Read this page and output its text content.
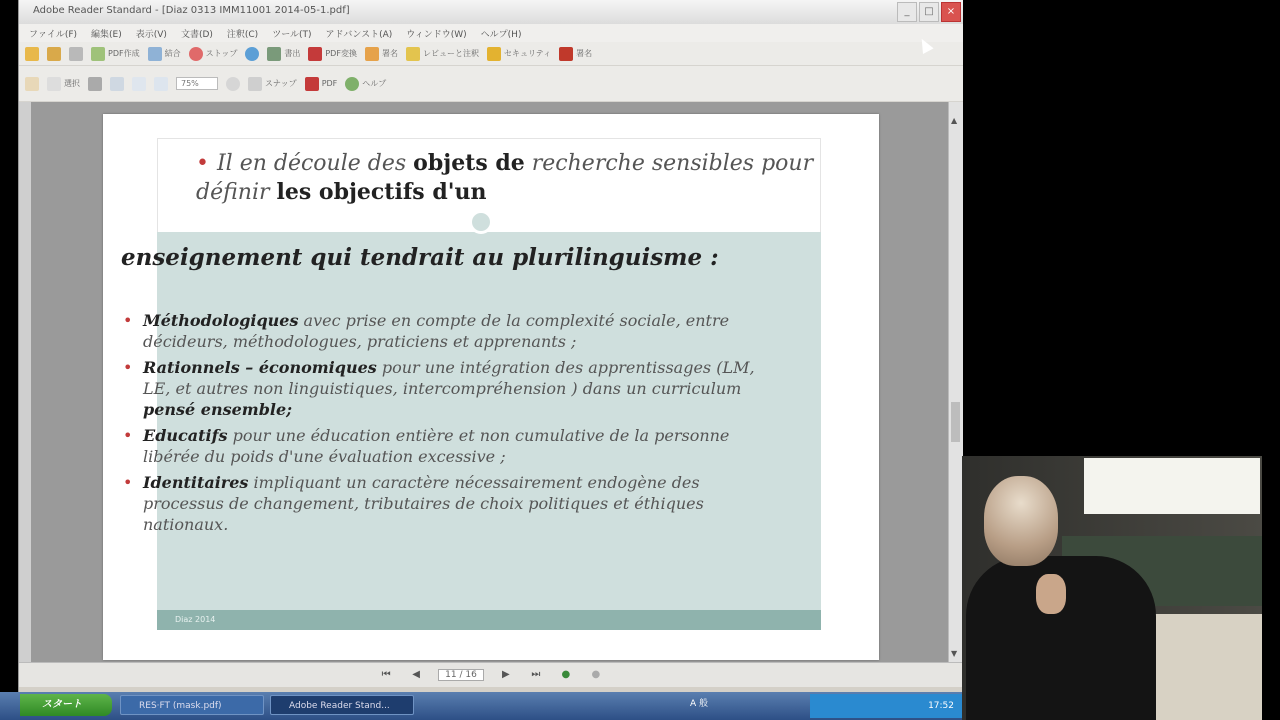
Adobe Reader Standard - [Diaz 0313 IMM11001 2014-05-1.pdf]	_	□	×
ファイル(F) 編集(E) 表示(V) 文書(D) 注釈(C) ツール(T) アドバンスト(A) ウィンドウ(W) ヘルプ(H)
PDF作成	結合	ストップ	書出	PDF変換	署名	レビューと注釈	セキュリティ	署名
選択	75%	スナップ	PDF	ヘルプ
▲
▼
• Il en découle des objets de recherche sensibles pour définir les objectifs d'un
enseignement qui tendrait au plurilinguisme :
• Méthodologiques avec prise en compte de la complexité sociale, entre décideurs, méthodologues, praticiens et apprenants ;
• Rationnels – économiques pour une intégration des apprentissages (LM, LE, et autres non linguistiques, intercompréhension ) dans un curriculum pensé ensemble;
• Educatifs pour une éducation entière et non cumulative de la personne libérée du poids d'une évaluation excessive ;
• Identitaires impliquant un caractère nécessairement endogène des processus de changement, tributaires de choix politiques et éthiques nationaux.
Diaz 2014
⏮	◀	11 / 16	▶	⏭	●	●
スタート	RES·FT (mask.pdf)	Adobe Reader Stand...	A 般	17:52
